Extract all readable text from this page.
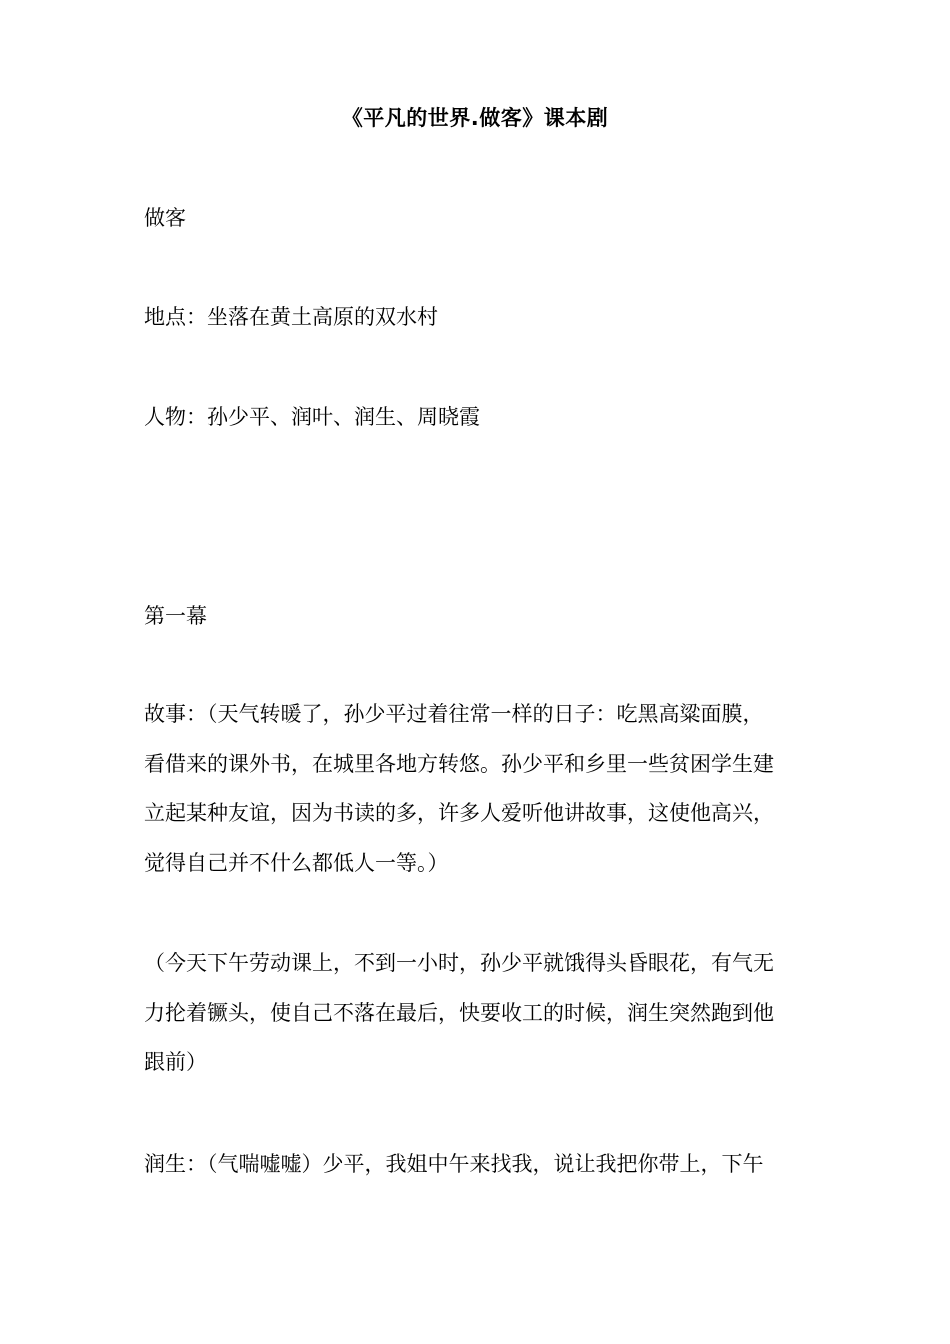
《平凡的世界.做客》课本剧
做客
地点：坐落在黄土高原的双水村
人物：孙少平、润叶、润生、周晓霞
第一幕
故事：（天气转暖了，孙少平过着往常一样的日子：吃黑高粱面膜，
看借来的课外书，在城里各地方转悠。孙少平和乡里一些贫困学生建
立起某种友谊，因为书读的多，许多人爱听他讲故事，这使他高兴，
觉得自己并不什么都低人一等。）
（今天下午劳动课上，不到一小时，孙少平就饿得头昏眼花，有气无
力抡着镢头，使自己不落在最后，快要收工的时候，润生突然跑到他
跟前）
润生：（气喘嘘嘘）少平，我姐中午来找我，说让我把你带上，下午
